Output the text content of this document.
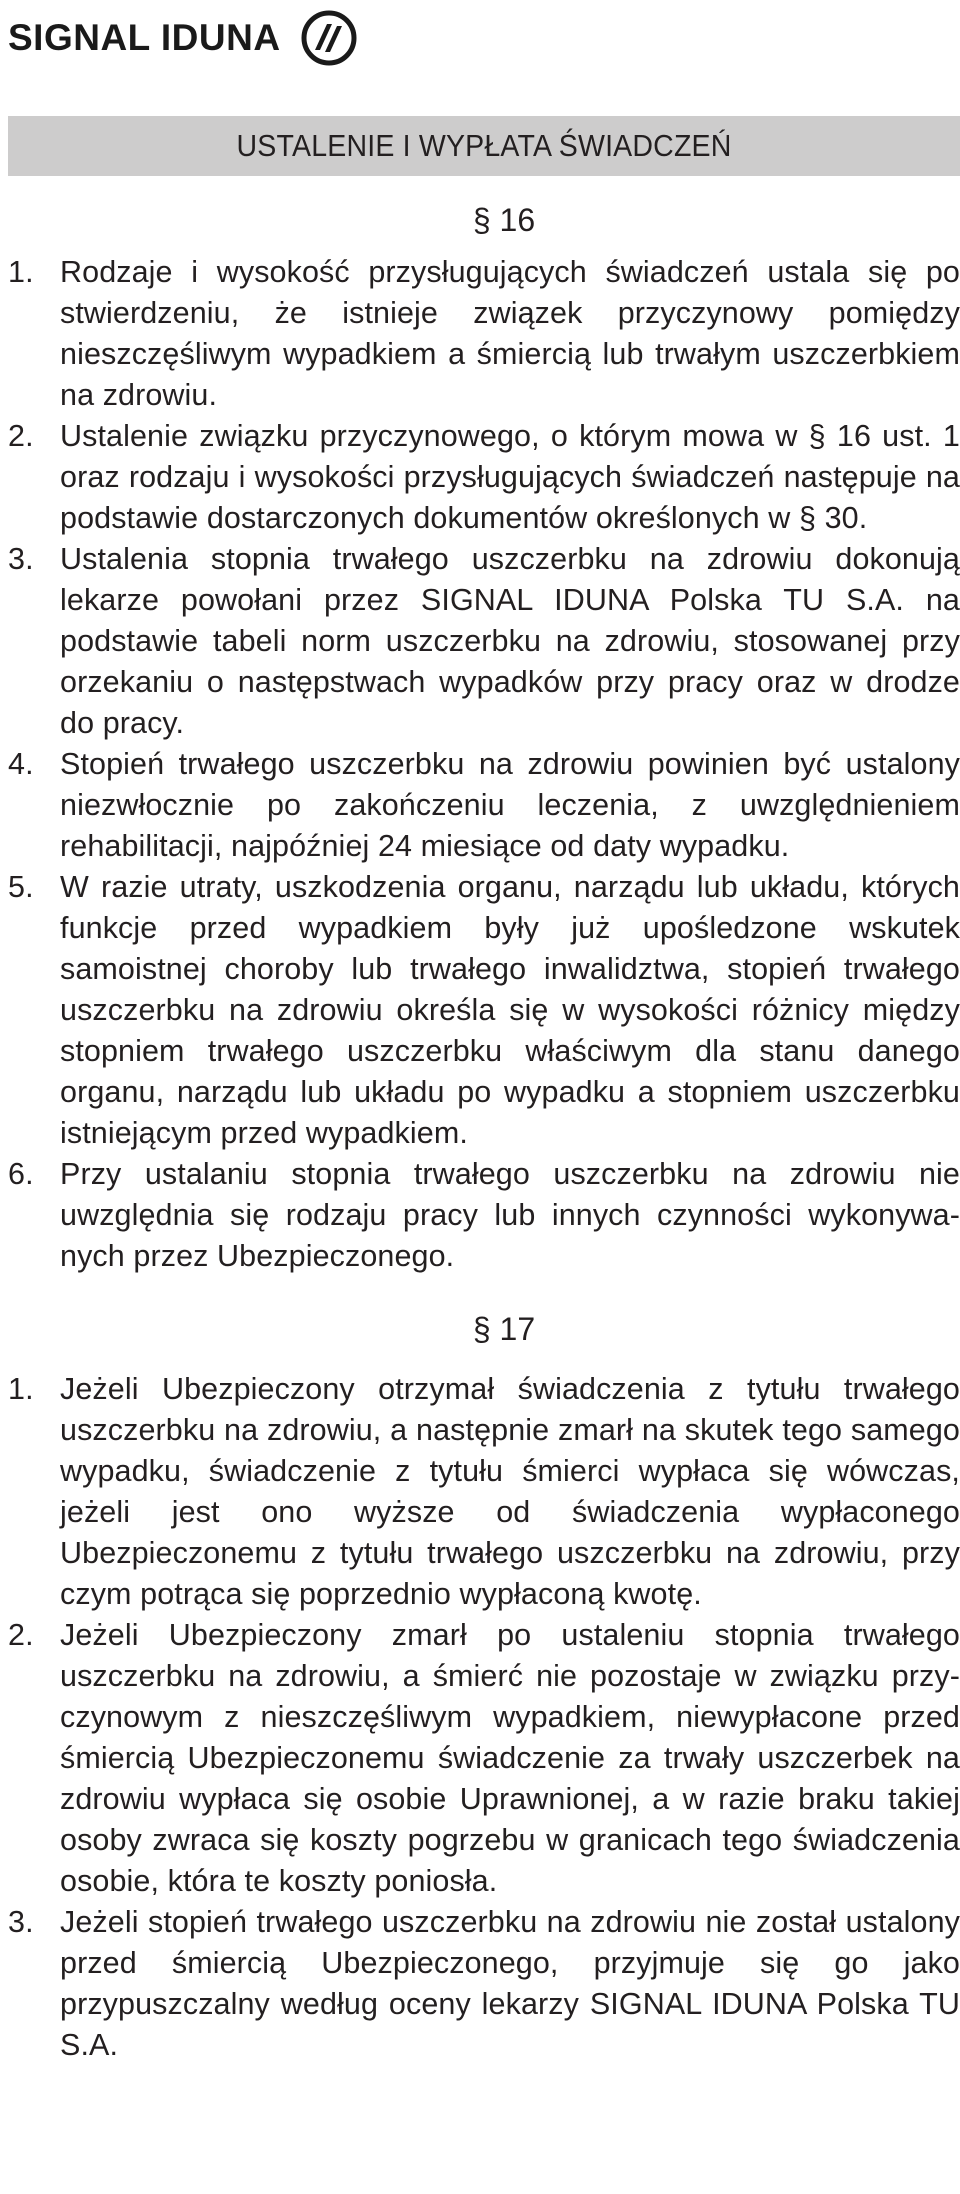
SIGNAL IDUNA
USTALENIE I WYPŁATA ŚWIADCZEŃ
§ 16
1. Rodzaje i wysokość przysługujących świadczeń ustala się po stwierdzeniu, że istnieje związek przyczynowy pomiędzy nieszczęśliwym wypadkiem a śmiercią lub trwałym uszczerbkiem na zdrowiu.
2. Ustalenie związku przyczynowego, o którym mowa w § 16 ust. 1 oraz rodzaju i wysokości przysługujących świadczeń następuje na podstawie dostarczonych dokumentów określonych w § 30.
3. Ustalenia stopnia trwałego uszczerbku na zdrowiu dokonują lekarze powołani przez SIGNAL IDUNA Polska TU S.A. na podstawie tabeli norm uszczerbku na zdrowiu, stosowanej przy orzekaniu o następstwach wypadków przy pracy oraz w drodze do pracy.
4. Stopień trwałego uszczerbku na zdrowiu powinien być ustalony niezwłocznie po zakończeniu leczenia, z uwzględnieniem rehabilitacji, najpóźniej 24 miesiące od daty wypadku.
5. W razie utraty, uszkodzenia organu, narządu lub układu, których funkcje przed wypadkiem były już upośledzone wskutek samoistnej choroby lub trwałego inwalidztwa, stopień trwałego uszczerbku na zdrowiu określa się w wysokości różnicy między stopniem trwałego uszczerbku właściwym dla stanu danego organu, narządu lub układu po wypadku a stopniem uszczerbku istniejącym przed wypadkiem.
6. Przy ustalaniu stopnia trwałego uszczerbku na zdrowiu nie uwzględnia się rodzaju pracy lub innych czynności wykonywa-nych przez Ubezpieczonego.
§ 17
1. Jeżeli Ubezpieczony otrzymał świadczenia z tytułu trwałego uszczerbku na zdrowiu, a następnie zmarł na skutek tego samego wypadku, świadczenie z tytułu śmierci wypłaca się wówczas, jeżeli jest ono wyższe od świadczenia wypłaconego Ubezpieczonemu z tytułu trwałego uszczerbku na zdrowiu, przy czym potrąca się poprzednio wypłaconą kwotę.
2. Jeżeli Ubezpieczony zmarł po ustaleniu stopnia trwałego uszczerbku na zdrowiu, a śmierć nie pozostaje w związku przy-czynowym z nieszczęśliwym wypadkiem, niewypłacone przed śmiercią Ubezpieczonemu świadczenie za trwały uszczerbek na zdrowiu wypłaca się osobie Uprawnionej, a w razie braku takiej osoby zwraca się koszty pogrzebu w granicach tego świadczenia osobie, która te koszty poniosła.
3. Jeżeli stopień trwałego uszczerbku na zdrowiu nie został ustalony przed śmiercią Ubezpieczonego, przyjmuje się go jako przypuszczalny według oceny lekarzy SIGNAL IDUNA Polska TU S.A.
